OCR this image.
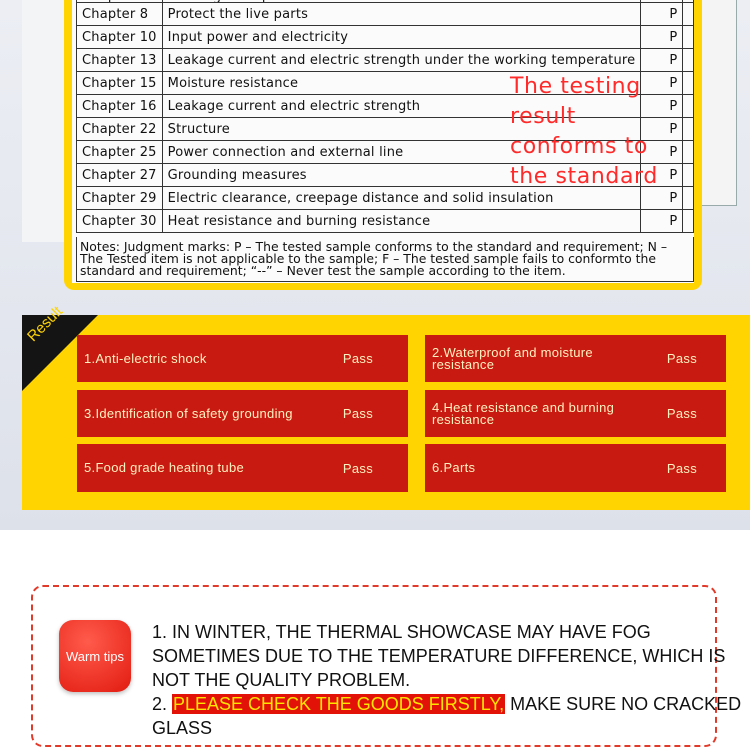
Chapter 8	Protect the live parts	P	
Chapter 10	Input power and electricity	P	
Chapter 13	Leakage current and electric strength under the working temperature	P	
Chapter 15	Moisture resistance	P	
Chapter 16	Leakage current and electric strength	P	
Chapter 22	Structure	P	
Chapter 25	Power connection and external line	P	
Chapter 27	Grounding measures	P	
Chapter 29	Electric clearance, creepage distance and solid insulation	P	
Chapter 30	Heat resistance and burning resistance	P	
The testing result conforms to the standard
Notes: Judgment marks: P – The tested sample conforms to the standard and requirement; N – The Tested item is not applicable to the sample; F – The tested sample fails to conformto the standard and requirement; “--” – Never test the sample according to the item.
Result
1.Anti-electric shock	Pass	2.Waterproof and moisture resistance	Pass
3.Identification of safety grounding	Pass	4.Heat resistance and burning resistance	Pass
5.Food grade heating tube	Pass	6.Parts	Pass
Warm tips
1. IN WINTER, THE THERMAL SHOWCASE MAY HAVE FOG SOMETIMES DUE TO THE TEMPERATURE DIFFERENCE, WHICH IS NOT THE QUALITY PROBLEM.
2. PLEASE CHECK THE GOODS FIRSTLY, MAKE SURE NO CRACKED GLASS
